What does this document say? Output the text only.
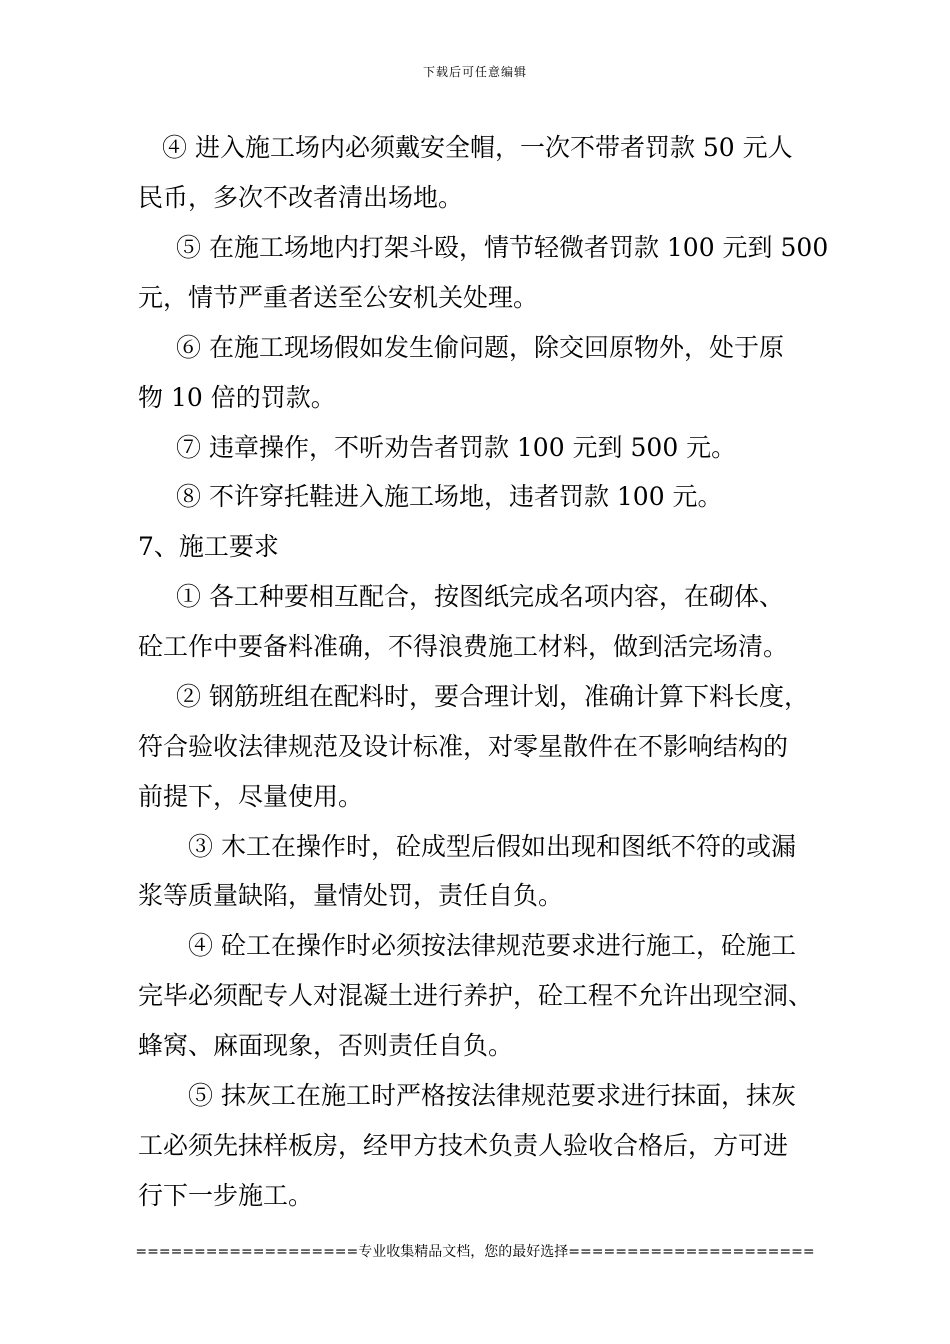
下载后可任意编辑
④ 进入施工场内必须戴安全帽，一次不带者罚款 50 元人
民币，多次不改者清出场地。
⑤ 在施工场地内打架斗殴，情节轻微者罚款 100 元到 500
元，情节严重者送至公安机关处理。
⑥ 在施工现场假如发生偷问题，除交回原物外，处于原
物 10 倍的罚款。
⑦ 违章操作，不听劝告者罚款 100 元到 500 元。
⑧ 不许穿托鞋进入施工场地，违者罚款 100 元。
7、施工要求
① 各工种要相互配合，按图纸完成名项内容，在砌体、
砼工作中要备料准确，不得浪费施工材料，做到活完场清。
② 钢筋班组在配料时，要合理计划，准确计算下料长度，
符合验收法律规范及设计标准，对零星散件在不影响结构的
前提下，尽量使用。
③ 木工在操作时，砼成型后假如出现和图纸不符的或漏
浆等质量缺陷，量情处罚，责任自负。
④ 砼工在操作时必须按法律规范要求进行施工，砼施工
完毕必须配专人对混凝土进行养护，砼工程不允许出现空洞、
蜂窝、麻面现象，否则责任自负。
⑤ 抹灰工在施工时严格按法律规范要求进行抹面，抹灰
工必须先抹样板房，经甲方技术负责人验收合格后，方可进
行下一步施工。
===================专业收集精品文档，您的最好选择=====================
